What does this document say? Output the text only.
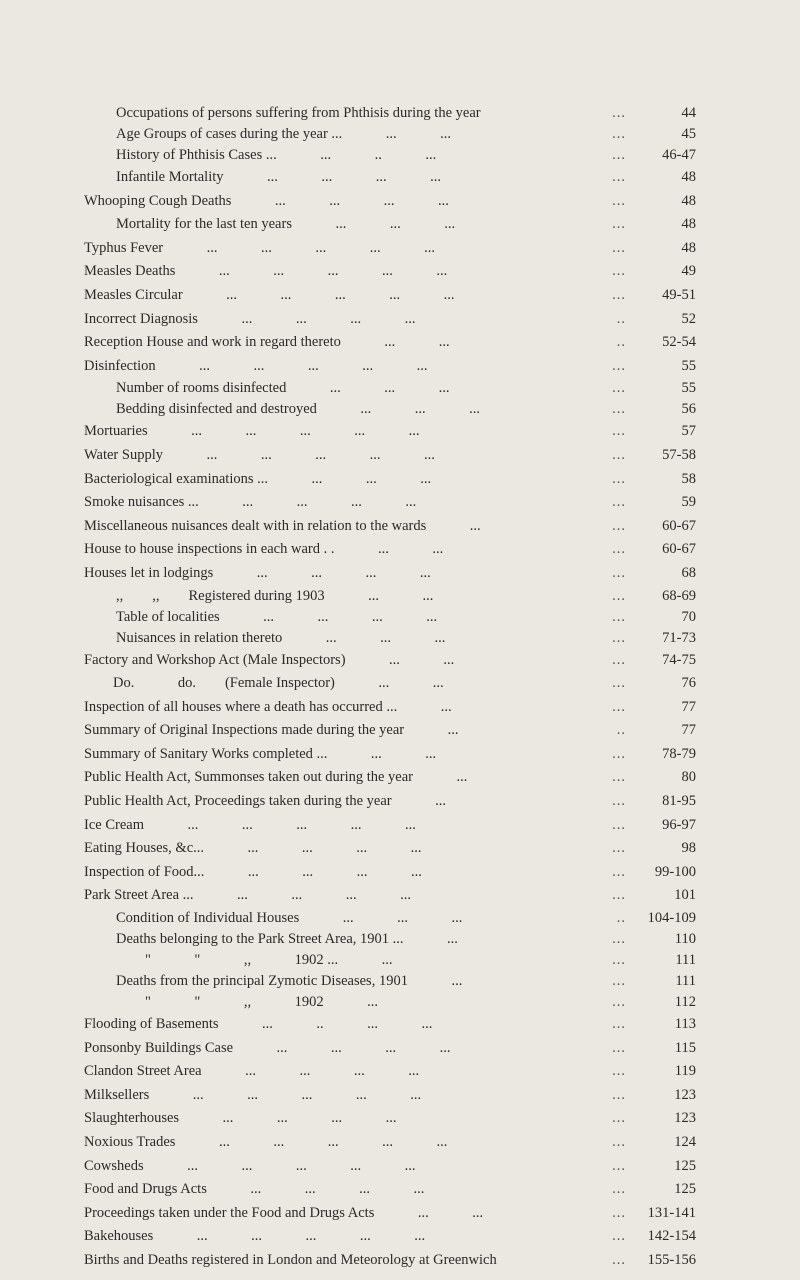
Occupations of persons suffering from Phthisis during the year	...	44
Age Groups of cases during the year ...            ...            ...	...	45
History of Phthisis Cases ...            ...            ..            ...	... 46-47
Infantile Mortality            ...            ...            ...            ...	...	48
Whooping Cough Deaths            ...            ...            ...            ...	...	48
Mortality for the last ten years            ...            ...            ...	...	48
Typhus Fever            ...            ...            ...            ...            ...	...	48
Measles Deaths            ...            ...            ...            ...            ...	...	49
Measles Circular            ...            ...            ...            ...            ...	... 49-51
Incorrect Diagnosis            ...            ...            ...            ...	..	52
Reception House and work in regard thereto            ...            ...	.. 52-54
Disinfection            ...            ...            ...            ...            ...	...	55
Number of rooms disinfected            ...            ...            ...	...	55
Bedding disinfected and destroyed            ...            ...            ...	...	56
Mortuaries            ...            ...            ...            ...            ...	...	57
Water Supply            ...            ...            ...            ...            ...	... 57-58
Bacteriological examinations ...            ...            ...            ...	...	58
Smoke nuisances ...            ...            ...            ...            ...	...	59
Miscellaneous nuisances dealt with in relation to the wards            ...	... 60-67
House to house inspections in each ward . .            ...            ...	... 60-67
Houses let in lodgings            ...            ...            ...            ...	...	68
,,        ,,        Registered during 1903            ...            ...	... 68-69
Table of localities            ...            ...            ...            ...	...	70
Nuisances in relation thereto            ...            ...            ...	... 71-73
Factory and Workshop Act (Male Inspectors)            ...            ...	... 74-75
Do.            do.        (Female Inspector)            ...            ...	...	76
Inspection of all houses where a death has occurred ...            ...	...	77
Summary of Original Inspections made during the year            ...	..	77
Summary of Sanitary Works completed ...            ...            ...	... 78-79
Public Health Act, Summonses taken out during the year            ...	...	80
Public Health Act, Proceedings taken during the year            ...	... 81-95
Ice Cream            ...            ...            ...            ...            ...	... 96-97
Eating Houses, &c...            ...            ...            ...            ...	...	98
Inspection of Food...            ...            ...            ...            ...	... 99-100
Park Street Area ...            ...            ...            ...            ...	...	101
Condition of Individual Houses            ...            ...            ...	.. 104-109
Deaths belonging to the Park Street Area, 1901 ...            ...	...	110
"            "            ,,            1902 ...            ...	...	111
Deaths from the principal Zymotic Diseases, 1901            ...	...	111
"            "            ,,            1902            ...	...	112
Flooding of Basements            ...            ..            ...            ...	...	113
Ponsonby Buildings Case            ...            ...            ...            ...	...	115
Clandon Street Area            ...            ...            ...            ...	...	119
Milksellers            ...            ...            ...            ...            ...	...	123
Slaughterhouses            ...            ...            ...            ...	...	123
Noxious Trades            ...            ...            ...            ...            ...	...	124
Cowsheds            ...            ...            ...            ...            ...	...	125
Food and Drugs Acts            ...            ...            ...            ...	...	125
Proceedings taken under the Food and Drugs Acts            ...            ...	... 131-141
Bakehouses            ...            ...            ...            ...            ...	... 142-154
Births and Deaths registered in London and Meteorology at Greenwich	... 155-156
